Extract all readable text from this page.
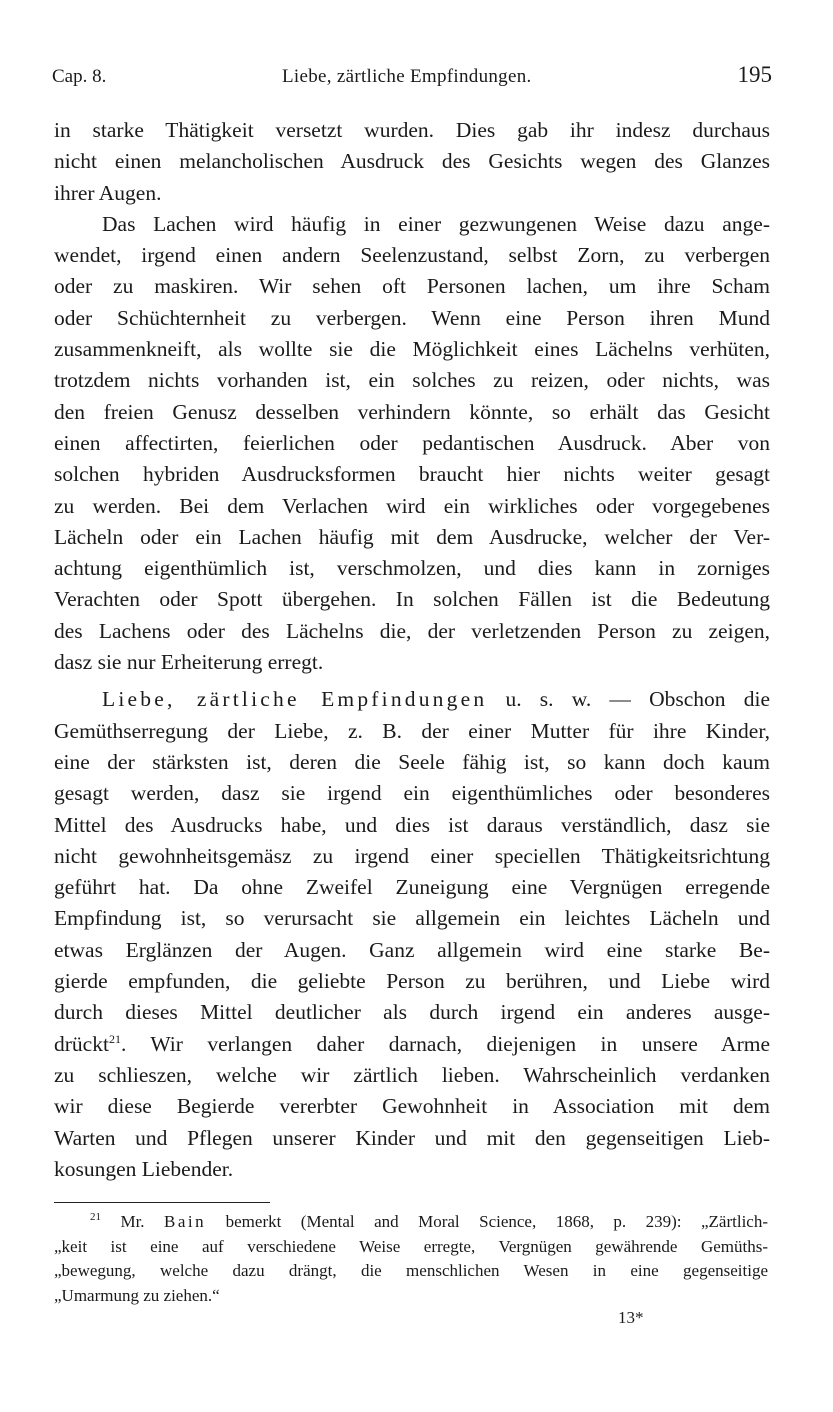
Cap. 8.	Liebe, zärtliche Empfindungen.	195
in starke Thätigkeit versetzt wurden. Dies gab ihr indesz durchaus
nicht einen melancholischen Ausdruck des Gesichts wegen des Glanzes
ihrer Augen.
Das Lachen wird häufig in einer gezwungenen Weise dazu ange-
wendet, irgend einen andern Seelenzustand, selbst Zorn, zu verbergen
oder zu maskiren. Wir sehen oft Personen lachen, um ihre Scham
oder Schüchternheit zu verbergen. Wenn eine Person ihren Mund
zusammenkneift, als wollte sie die Möglichkeit eines Lächelns verhüten,
trotzdem nichts vorhanden ist, ein solches zu reizen, oder nichts, was
den freien Genusz desselben verhindern könnte, so erhält das Gesicht
einen affectirten, feierlichen oder pedantischen Ausdruck. Aber von
solchen hybriden Ausdrucksformen braucht hier nichts weiter gesagt
zu werden. Bei dem Verlachen wird ein wirkliches oder vorgegebenes
Lächeln oder ein Lachen häufig mit dem Ausdrucke, welcher der Ver-
achtung eigenthümlich ist, verschmolzen, und dies kann in zorniges
Verachten oder Spott übergehen. In solchen Fällen ist die Bedeutung
des Lachens oder des Lächelns die, der verletzenden Person zu zeigen,
dasz sie nur Erheiterung erregt.
Liebe, zärtliche Empfindungen u. s. w. — Obschon die
Gemüthserregung der Liebe, z. B. der einer Mutter für ihre Kinder,
eine der stärksten ist, deren die Seele fähig ist, so kann doch kaum
gesagt werden, dasz sie irgend ein eigenthümliches oder besonderes
Mittel des Ausdrucks habe, und dies ist daraus verständlich, dasz sie
nicht gewohnheitsgemäsz zu irgend einer speciellen Thätigkeitsrichtung
geführt hat. Da ohne Zweifel Zuneigung eine Vergnügen erregende
Empfindung ist, so verursacht sie allgemein ein leichtes Lächeln und
etwas Erglänzen der Augen. Ganz allgemein wird eine starke Be-
gierde empfunden, die geliebte Person zu berühren, und Liebe wird
durch dieses Mittel deutlicher als durch irgend ein anderes ausge-
drückt$^{21}$. Wir verlangen daher darnach, diejenigen in unsere Arme
zu schlieszen, welche wir zärtlich lieben. Wahrscheinlich verdanken
wir diese Begierde vererbter Gewohnheit in Association mit dem
Warten und Pflegen unserer Kinder und mit den gegenseitigen Lieb-
kosungen Liebender.
$^{21}$ Mr. Bain bemerkt (Mental and Moral Science, 1868, p. 239): „Zärtlich-
„keit ist eine auf verschiedene Weise erregte, Vergnügen gewährende Gemüths-
„bewegung, welche dazu drängt, die menschlichen Wesen in eine gegenseitige
„Umarmung zu ziehen.“
13*
